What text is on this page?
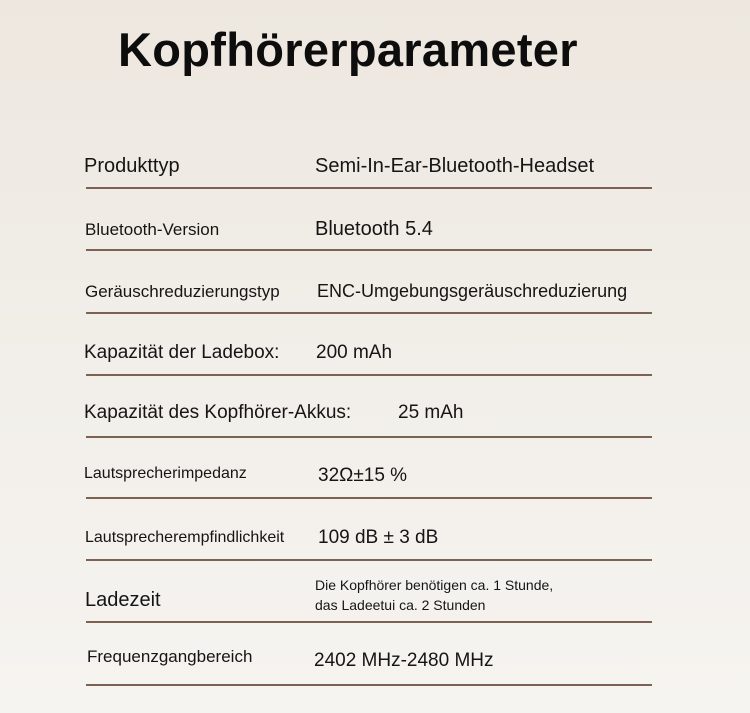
Kopfhörerparameter
Produkttyp	Semi-In-Ear-Bluetooth-Headset
Bluetooth-Version	Bluetooth 5.4
Geräuschreduzierungstyp ENC-Umgebungsgeräuschreduzierung
Kapazität der Ladebox: 200 mAh
Kapazität des Kopfhörer-Akkus: 25 mAh
Lautsprecherimpedanz	32Ω±15 %
Lautsprecherempfindlichkeit 109 dB ± 3 dB
Ladezeit
Die Kopfhörer benötigen ca. 1 Stunde,
das Ladeetui ca. 2 Stunden
Frequenzgangbereich	2402 MHz-2480 MHz
